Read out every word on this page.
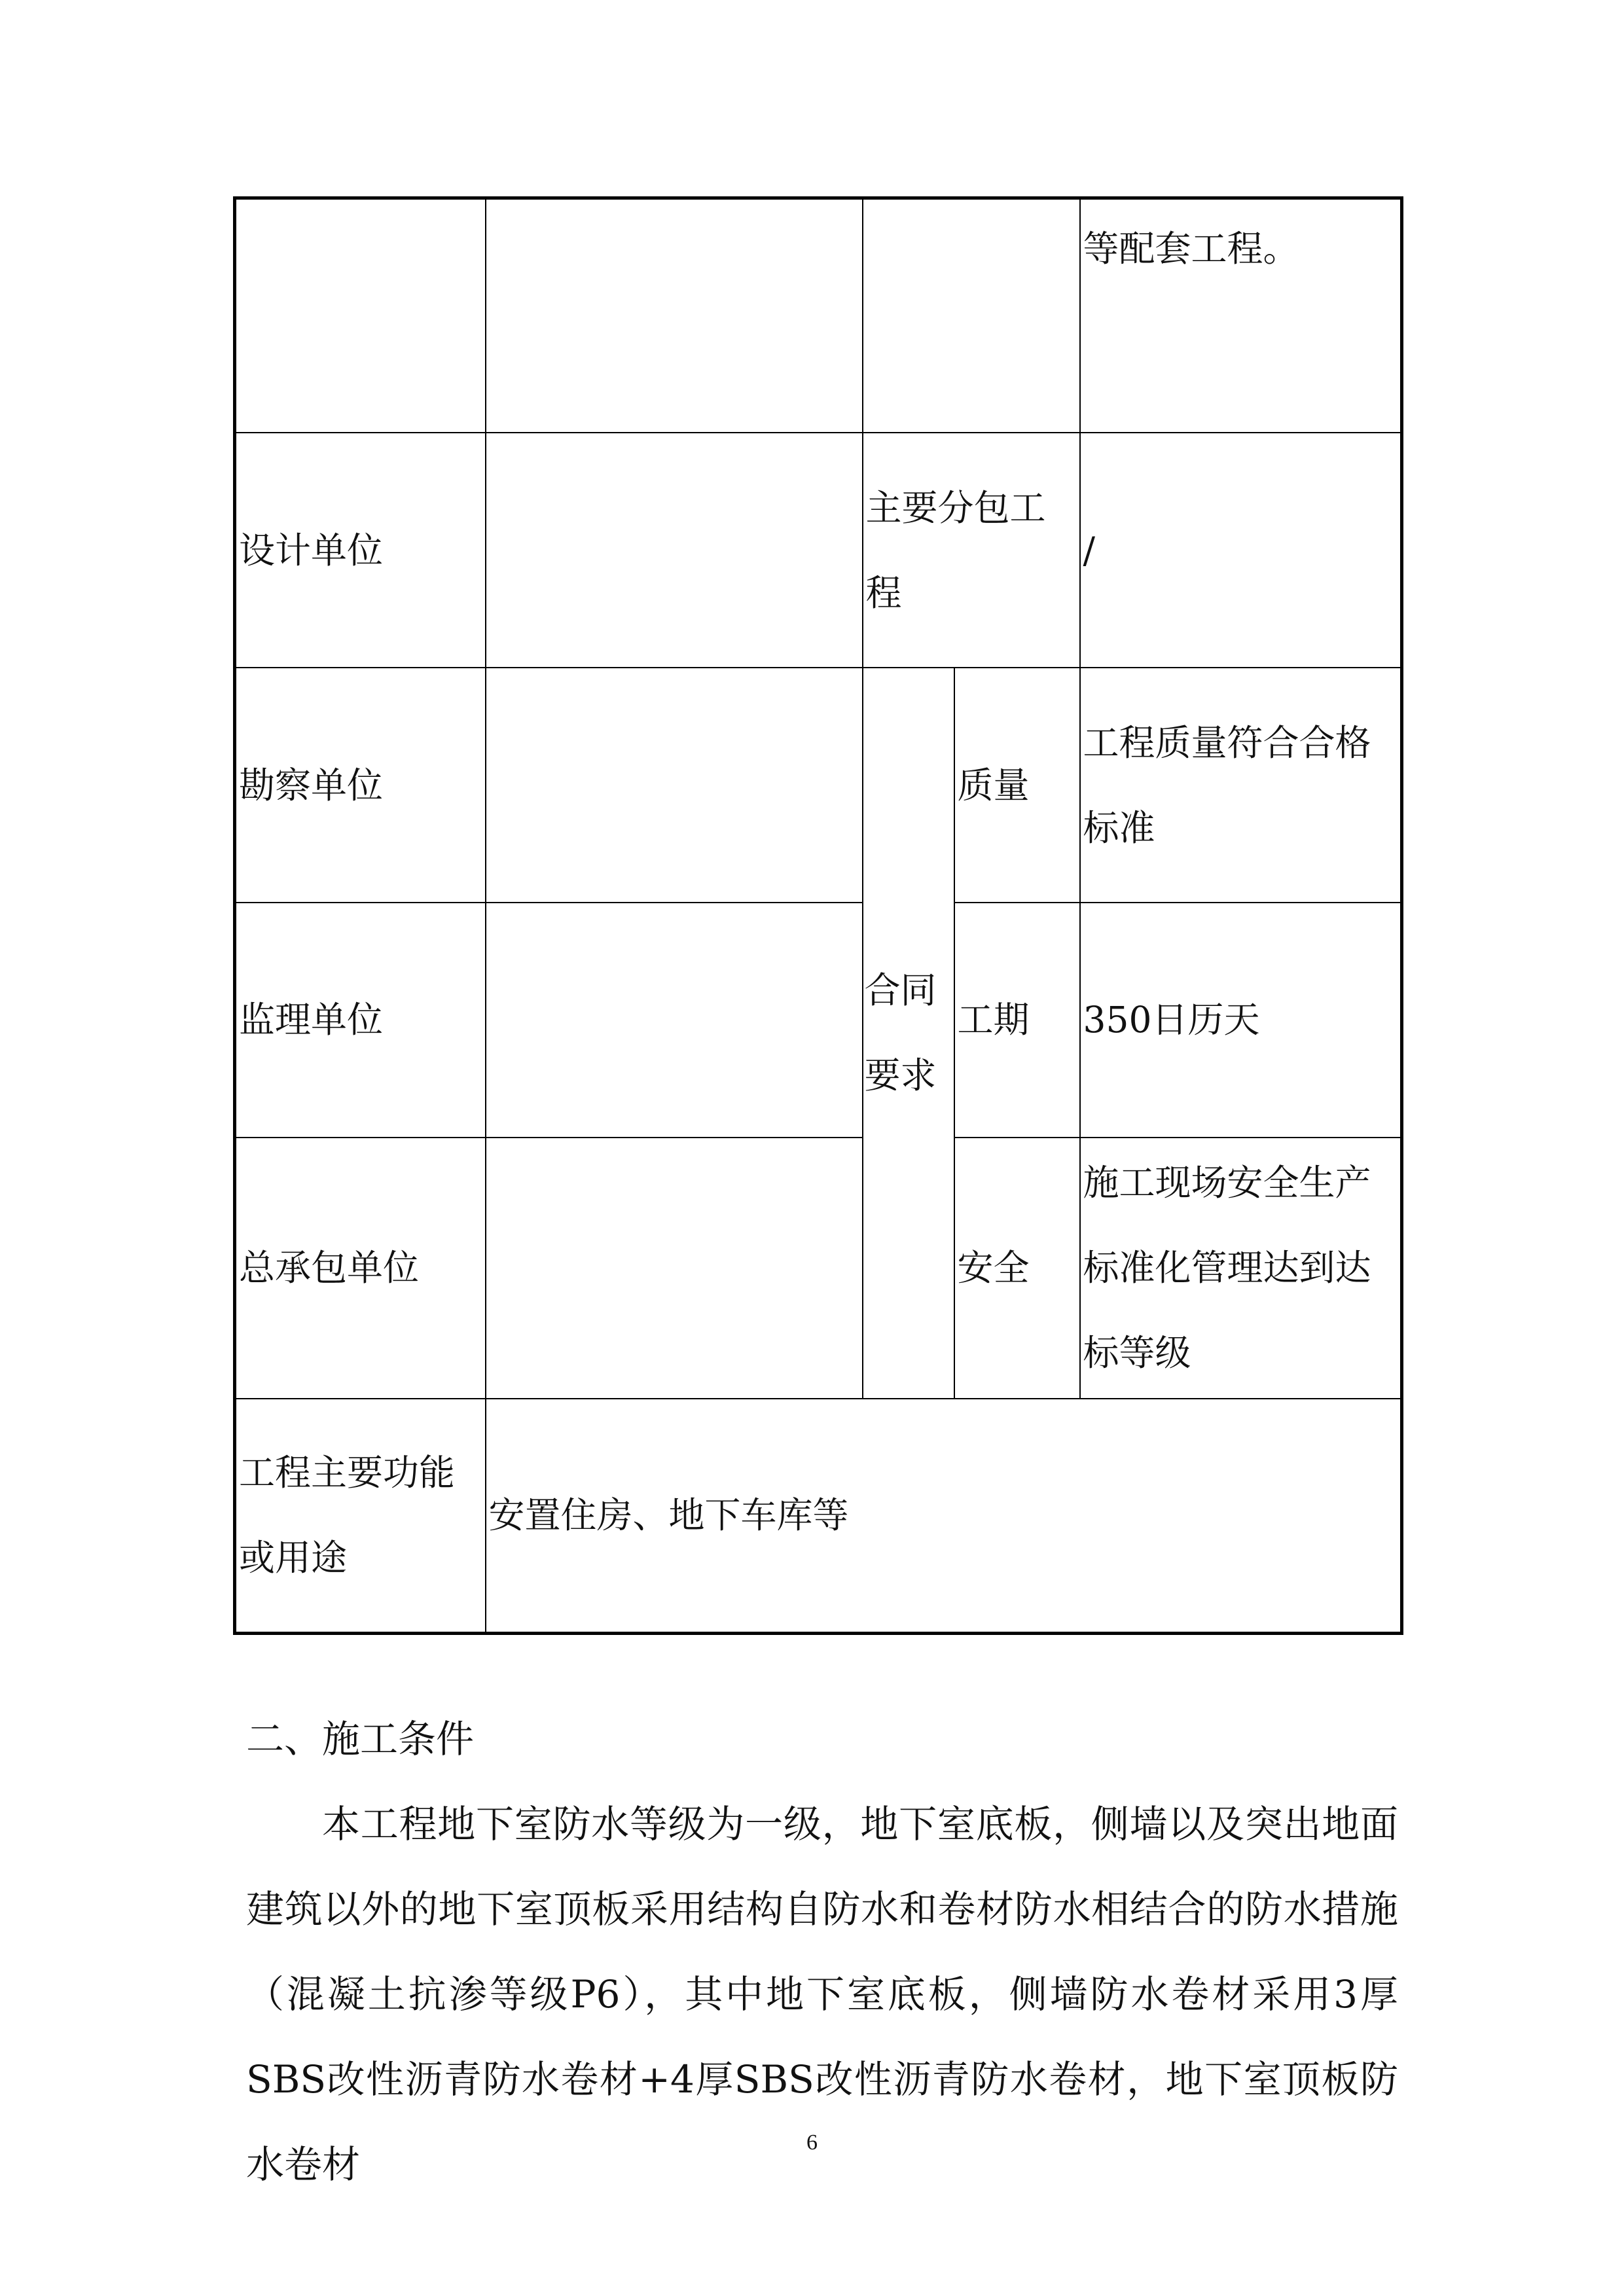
				等配套工程。
设计单位		主要分包工程		/
勘察单位		合同要求	质量	工程质量符合合格标准
监理单位			工期	350日历天
总承包单位			安全	施工现场安全生产标准化管理达到达标等级
工程主要功能或用途	安置住房、地下车库等			
二、施工条件
本工程地下室防水等级为一级，地下室底板，侧墙以及突出地面建筑以外的地下室顶板采用结构自防水和卷材防水相结合的防水措施（混凝土抗渗等级P6），其中地下室底板，侧墙防水卷材采用3厚SBS改性沥青防水卷材+4厚SBS改性沥青防水卷材，地下室顶板防水卷材	6
